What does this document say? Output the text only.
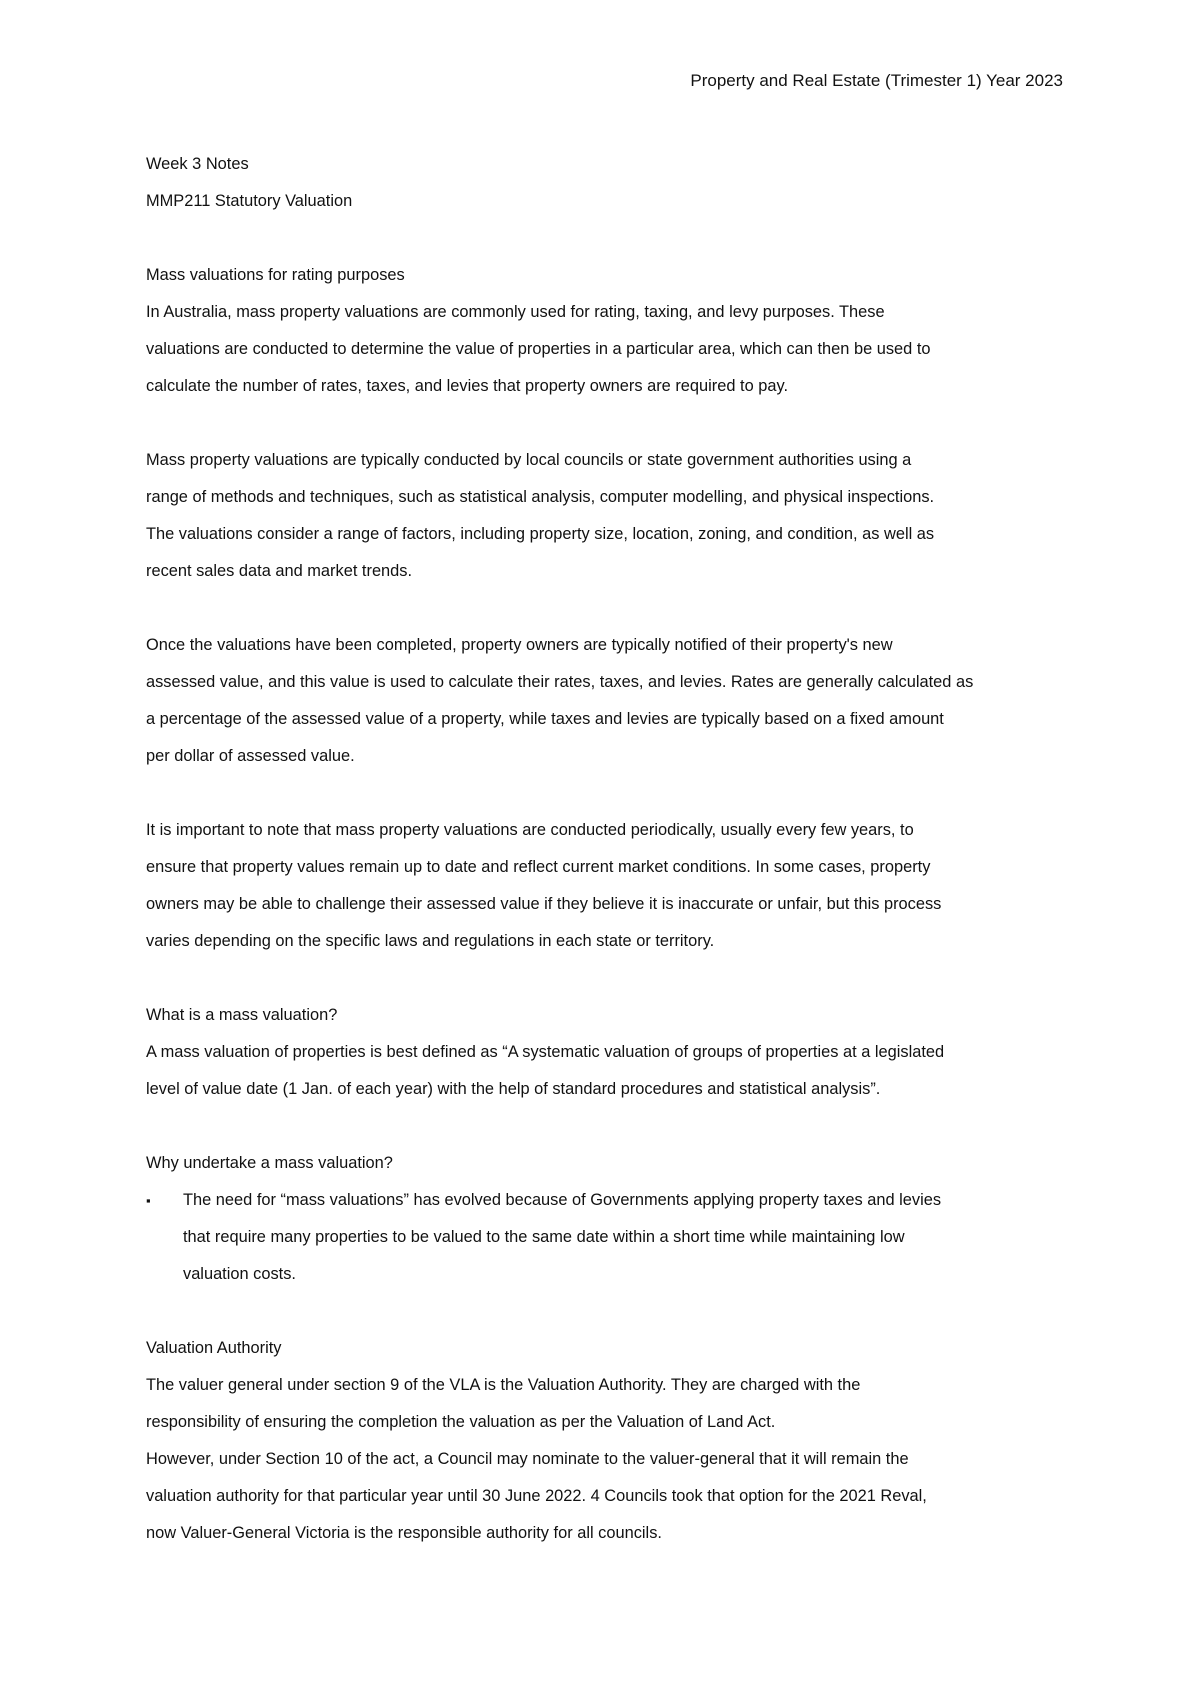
Property and Real Estate (Trimester 1) Year 2023

Week 3 Notes

MMP211 Statutory Valuation

Mass valuations for rating purposes

In Australia, mass property valuations are commonly used for rating, taxing, and levy purposes. These

valuations are conducted to determine the value of properties in a particular area, which can then be used to

calculate the number of rates, taxes, and levies that property owners are required to pay.

Mass property valuations are typically conducted by local councils or state government authorities using a

range of methods and techniques, such as statistical analysis, computer modelling, and physical inspections.

The valuations consider a range of factors, including property size, location, zoning, and condition, as well as

recent sales data and market trends.

Once the valuations have been completed, property owners are typically notified of their property's new

assessed value, and this value is used to calculate their rates, taxes, and levies. Rates are generally calculated as

a percentage of the assessed value of a property, while taxes and levies are typically based on a fixed amount

per dollar of assessed value.

It is important to note that mass property valuations are conducted periodically, usually every few years, to

ensure that property values remain up to date and reflect current market conditions. In some cases, property

owners may be able to challenge their assessed value if they believe it is inaccurate or unfair, but this process

varies depending on the specific laws and regulations in each state or territory.

What is a mass valuation?

A mass valuation of properties is best defined as “A systematic valuation of groups of properties at a legislated

level of value date (1 Jan. of each year) with the help of standard procedures and statistical analysis”.

Why undertake a mass valuation?

▪ The need for “mass valuations” has evolved because of Governments applying property taxes and levies

that require many properties to be valued to the same date within a short time while maintaining low

valuation costs.

Valuation Authority

The valuer general under section 9 of the VLA is the Valuation Authority. They are charged with the

responsibility of ensuring the completion the valuation as per the Valuation of Land Act.

However, under Section 10 of the act, a Council may nominate to the valuer-general that it will remain the

valuation authority for that particular year until 30 June 2022. 4 Councils took that option for the 2021 Reval,

now Valuer-General Victoria is the responsible authority for all councils.
